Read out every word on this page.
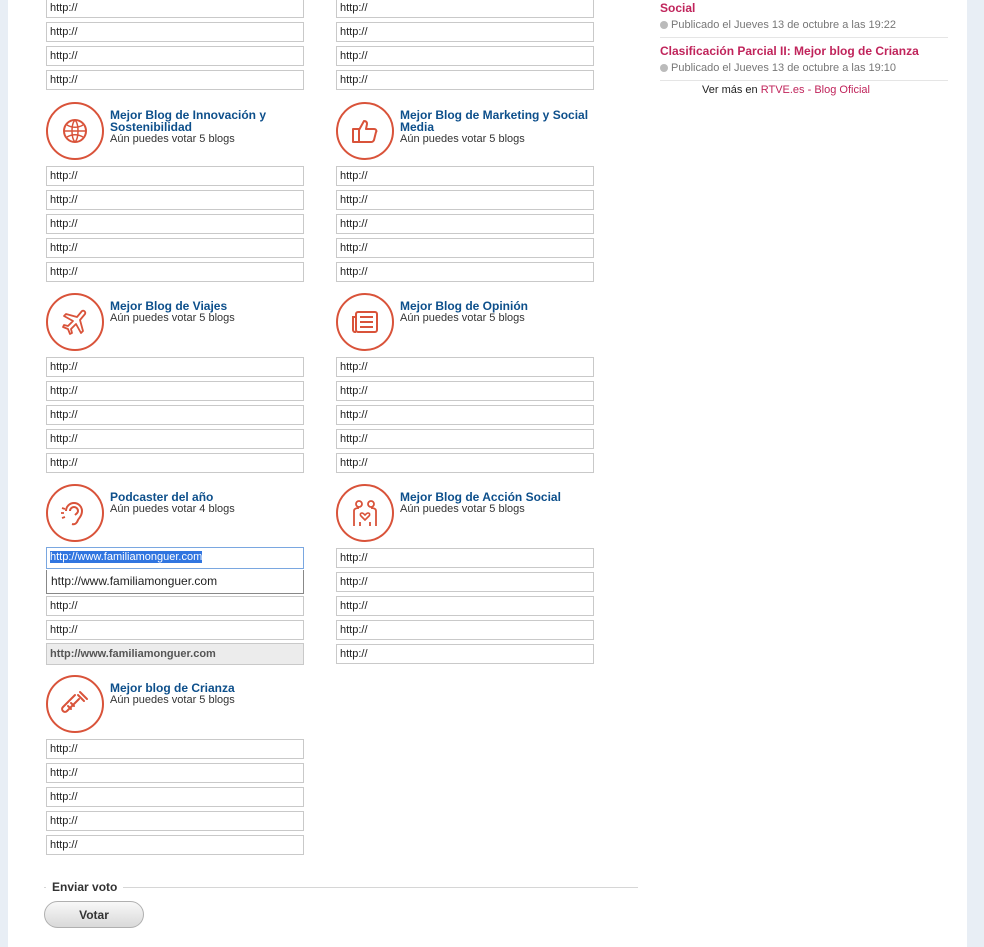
http://
http://
http://
http://
http://
http://
http://
http://
Mejor Blog de Innovación y Sostenibilidad
Aún puedes votar 5 blogs
http://
http://
http://
http://
http://
Mejor Blog de Marketing y Social Media
Aún puedes votar 5 blogs
http://
http://
http://
http://
http://
Mejor Blog de Viajes
Aún puedes votar 5 blogs
http://
http://
http://
http://
http://
Mejor Blog de Opinión
Aún puedes votar 5 blogs
http://
http://
http://
http://
http://
Podcaster del año
Aún puedes votar 4 blogs
http://www.familiamonguer.com
http://www.familiamonguer.com
http://
http://
http://www.familiamonguer.com
Mejor Blog de Acción Social
Aún puedes votar 5 blogs
http://
http://
http://
http://
http://
Mejor blog de Crianza
Aún puedes votar 5 blogs
http://
http://
http://
http://
http://
Enviar voto
Votar
Social
Publicado el Jueves 13 de octubre a las 19:22
Clasificación Parcial II: Mejor blog de Crianza
Publicado el Jueves 13 de octubre a las 19:10
Ver más en RTVE.es - Blog Oficial
